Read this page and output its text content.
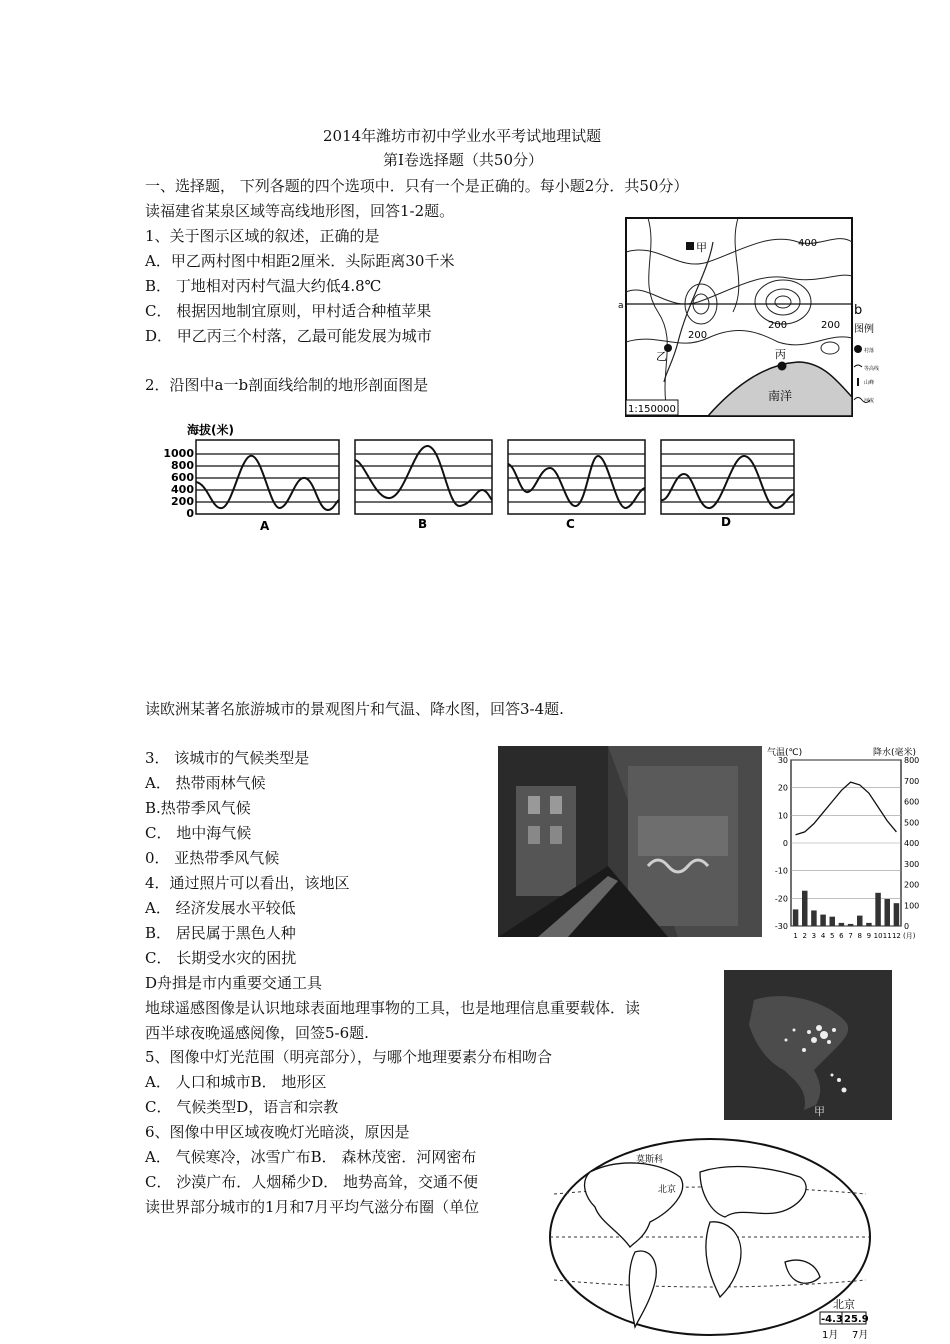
2014年潍坊市初中学业水平考试地理试题
第I卷选择题（共50分）
一、选择题， 下列各题的四个选项中．只有一个是正确的。每小题2分．共50分）
读福建省某泉区域等高线地形图，回答1-2题。
1、关于图示区域的叙述，正确的是
A．甲乙两村图中相距2厘米．头际距离30千米
B． 丁地相对丙村气温大约低4.8℃
C． 根据因地制宜原则，甲村适合种植苹果
D． 甲乙丙三个村落，乙最可能发展为城市
2．沿图中a一b剖面线给制的地形剖面图是
甲
乙	丙
南洋
400
200	200
200
a	b
1:150000
图例
村落
等高线
山峰
河流
海拔(米)
1000
800
600
400
200
0
A	B	C	D
读欧洲某著名旅游城市的景观图片和气温、降水图，回答3-4题.
3． 该城市的气候类型是
A． 热带雨林气候
B.热带季风气候
C． 地中海气候
0． 亚热带季风气候
4．通过照片可以看出，该地区
A． 经济发展水平较低
B． 居民属于黑色人种
C． 长期受水灾的困扰
D舟揖是市内重要交通工具
30
20
10
0
-10
-20
-30
800
700
600
500
400
300
200
100
0
1 2 3 4 5 6 7 8 9 10 11 12 (月)
气温(℃)	降水(毫米)
地球遥感图像是认识地球表面地理事物的工具，也是地理信息重要载体．读
西半球夜晚遥感阅像，回签5-6题.
5、图像中灯光范围（明亮部分），与哪个地理要素分布相吻合
A． 人口和城市B． 地形区
C． 气候类型D，语言和宗教
6、图像中甲区域夜晚灯光暗淡，原因是
A． 气候寒冷，冰雪广布B． 森林茂密．河网密布
C． 沙漠广布．人烟稀少D． 地势高耸，交通不便
读世界部分城市的1月和7月平均气滋分布圈（单位
甲
莫斯科
北京
北京
-4.3 25.9
1月 7月
